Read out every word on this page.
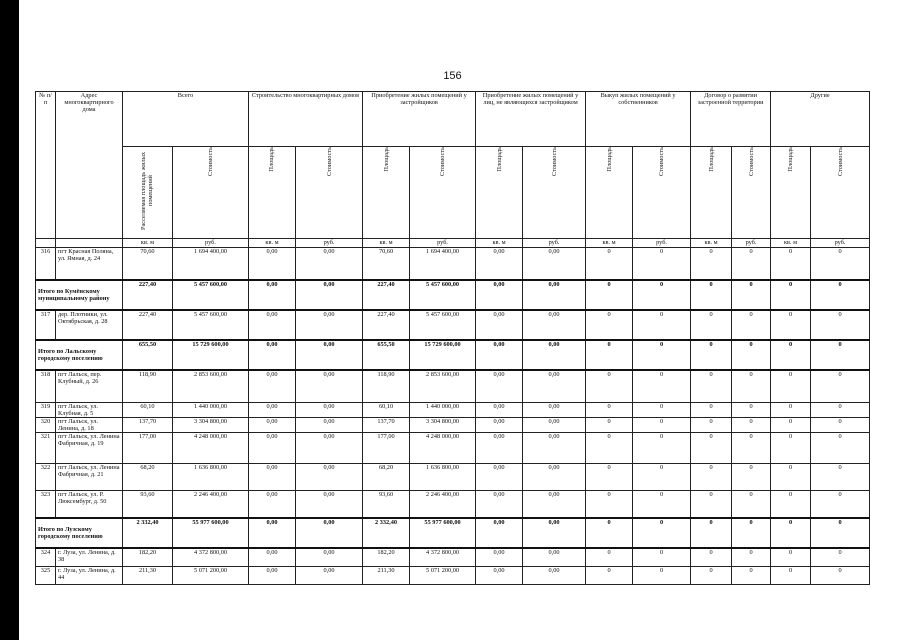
156
№ п/п	Адрес многоквартирного дома	Всего		Строительство многоквартирных домов		Приобретение жилых помещений у застройщиков		Приобретение жилых помещений у лиц, не являющихся застройщиком		Выкуп жилых помещений у собственников		Договор о развитии застроенной территории		Другие	
		Расселяемая площадь жилых помещений	Стоимость	Площадь	Стоимость	Площадь	Стоимость	Площадь	Стоимость	Площадь	Стоимость	Площадь	Стоимость	Площадь	Стоимость
		кв. м	руб.	кв. м	руб.	кв. м	руб.	кв. м	руб.	кв. м	руб.	кв. м	руб.	кв. м	руб.
316	пгт Красная Поляна, ул. Ямная, д. 24	70,60	1 694 400,00	0,00	0,00	70,60	1 694 400,00	0,00	0,00	0	0	0	0	0	0
Итого по Кумёнскому муниципальному району		227,40	5 457 600,00	0,00	0,00	227,40	5 457 600,00	0,00	0,00	0	0	0	0	0	0
317	дер. Плотники, ул. Октябрьская, д. 28	227,40	5 457 600,00	0,00	0,00	227,40	5 457 600,00	0,00	0,00	0	0	0	0	0	0
Итого по Лальскому городскому поселению		655,50	15 729 600,00	0,00	0,00	655,50	15 729 600,00	0,00	0,00	0	0	0	0	0	0
318	пгт Лальск, пер. Клубный, д. 26	118,90	2 853 600,00	0,00	0,00	118,90	2 853 600,00	0,00	0,00	0	0	0	0	0	0
319	пгт Лальск, ул. Клубная, д. 5	60,10	1 440 000,00	0,00	0,00	60,10	1 440 000,00	0,00	0,00	0	0	0	0	0	0
320	пгт Лальск, ул. Ленина, д. 18	137,70	3 304 800,00	0,00	0,00	137,70	3 304 800,00	0,00	0,00	0	0	0	0	0	0
321	пгт Лальск, ул. Ленина Фабричная, д. 19	177,00	4 248 000,00	0,00	0,00	177,00	4 248 000,00	0,00	0,00	0	0	0	0	0	0
322	пгт Лальск, ул. Ленина Фабричная, д. 21	68,20	1 636 800,00	0,00	0,00	68,20	1 636 800,00	0,00	0,00	0	0	0	0	0	0
323	пгт Лальск, ул. Р. Люксембург, д. 50	93,60	2 246 400,00	0,00	0,00	93,60	2 246 400,00	0,00	0,00	0	0	0	0	0	0
Итого по Лузскому городскому поселению		2 332,40	55 977 600,00	0,00	0,00	2 332,40	55 977 600,00	0,00	0,00	0	0	0	0	0	0
324	г. Луза, ул. Ленина, д. 38	182,20	4 372 800,00	0,00	0,00	182,20	4 372 800,00	0,00	0,00	0	0	0	0	0	0
325	г. Луза, ул. Ленина, д. 44	211,30	5 071 200,00	0,00	0,00	211,30	5 071 200,00	0,00	0,00	0	0	0	0	0	0
